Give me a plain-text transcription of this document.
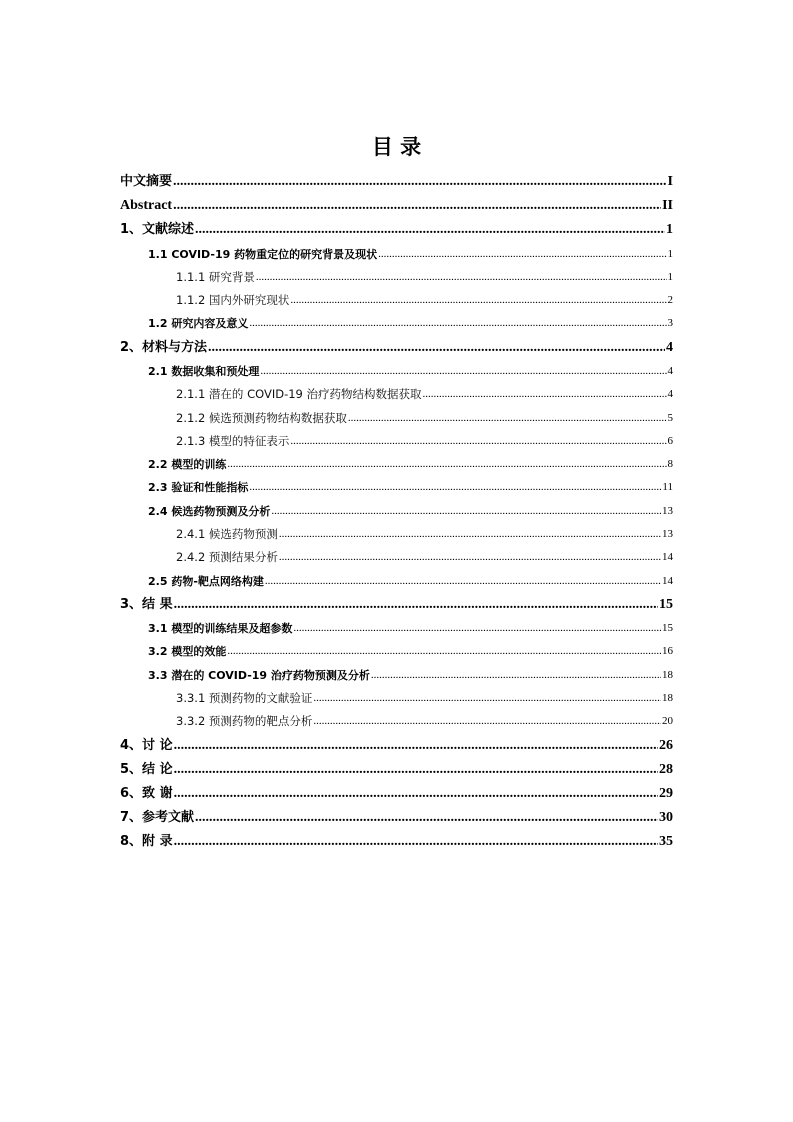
目 录
中文摘要 .....	I
Abstract .....	II
1、文献综述 .....	1
1.1 COVID-19 药物重定位的研究背景及现状 .....	1
1.1.1 研究背景 .....	1
1.1.2 国内外研究现状 .....	2
1.2 研究内容及意义 .....	3
2、材料与方法 .....	4
2.1 数据收集和预处理 .....	4
2.1.1 潜在的 COVID-19 治疗药物结构数据获取 .....	4
2.1.2 候选预测药物结构数据获取 .....	5
2.1.3 模型的特征表示 .....	6
2.2 模型的训练 .....	8
2.3 验证和性能指标 .....	11
2.4 候选药物预测及分析 .....	13
2.4.1 候选药物预测 .....	13
2.4.2 预测结果分析 .....	14
2.5 药物-靶点网络构建 .....	14
3、结 果 .....	15
3.1 模型的训练结果及超参数 .....	15
3.2 模型的效能 .....	16
3.3 潜在的 COVID-19 治疗药物预测及分析 .....	18
3.3.1 预测药物的文献验证 .....	18
3.3.2 预测药物的靶点分析 .....	20
4、讨 论 .....	26
5、结 论 .....	28
6、致 谢 .....	29
7、参考文献 .....	30
8、附 录 .....	35
